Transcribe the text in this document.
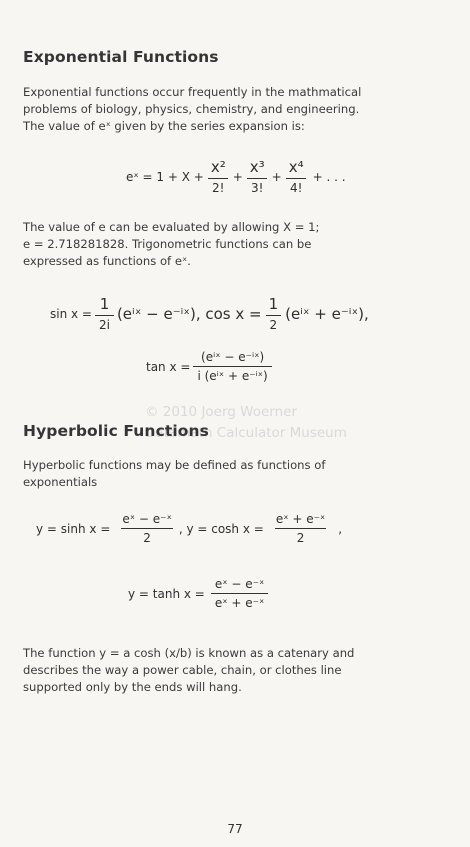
Exponential Functions
Exponential functions occur frequently in the mathmatical
problems of biology, physics, chemistry, and engineering.
The value of eˣ given by the series expansion is:
eˣ = $1 + X + \frac{\text{x²}}{2!} + \frac{\text{x³}}{3!} + \frac{\text{x⁴}}{4!}$ + . . .
The value of e can be evaluated by allowing X = 1;
e = 2.718281828. Trigonometric functions can be
expressed as functions of eˣ.
$\sin x = \frac{1}{2i}$ (eⁱˣ − e⁻ⁱˣ), $\cos x = \frac{1}{2}$ (eⁱˣ + e⁻ⁱˣ),
$\tan x = \frac{\text{(eⁱˣ − e⁻ⁱˣ)}}{\text{i (eⁱˣ + e⁻ⁱˣ)}}$
© 2010 Joerg Woerner
Datamath Calculator Museum
Hyperbolic Functions
Hyperbolic functions may be defined as functions of
exponentials
$y = \sinh x = \frac{\text{eˣ − e⁻ˣ}}{2}$ , $y = \cosh x = \frac{\text{eˣ + e⁻ˣ}}{2}$ ,
$y = \tanh x = \frac{\text{eˣ − e⁻ˣ}}{\text{eˣ + e⁻ˣ}}$
The function y = a cosh (x/b) is known as a catenary and
describes the way a power cable, chain, or clothes line
supported only by the ends will hang.
77
